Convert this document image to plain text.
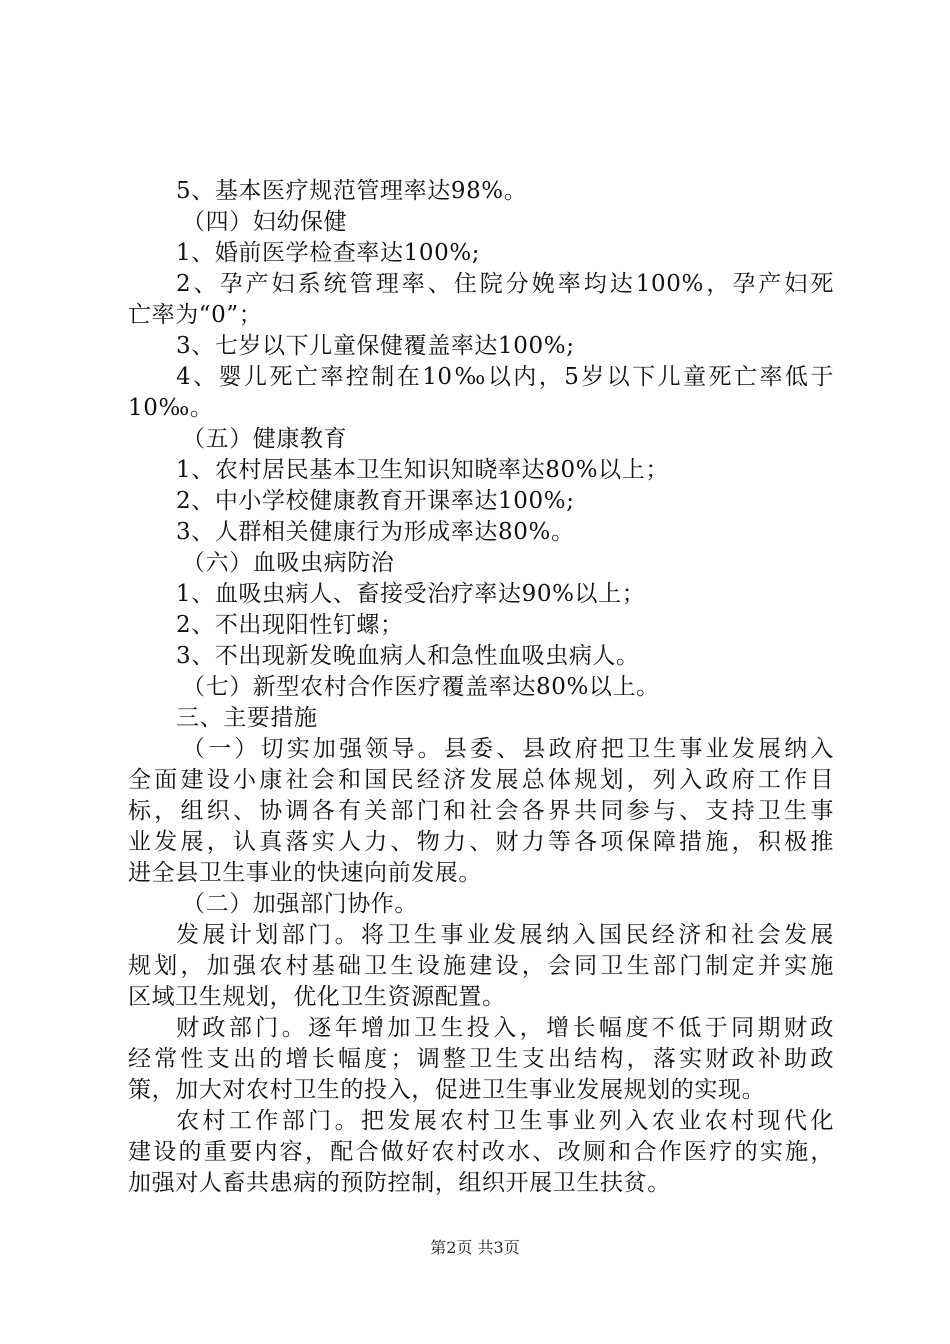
5、基本医疗规范管理率达98%。
（四）妇幼保健
1、婚前医学检查率达100%;
2、孕产妇系统管理率、住院分娩率均达100%，孕产妇死
亡率为“0”；
3、七岁以下儿童保健覆盖率达100%;
4、婴儿死亡率控制在10‰以内，5岁以下儿童死亡率低于
10‰。
（五）健康教育
1、农村居民基本卫生知识知晓率达80%以上；
2、中小学校健康教育开课率达100%;
3、人群相关健康行为形成率达80%。
（六）血吸虫病防治
1、血吸虫病人、畜接受治疗率达90%以上；
2、不出现阳性钉螺；
3、不出现新发晚血病人和急性血吸虫病人。
（七）新型农村合作医疗覆盖率达80%以上。
三、主要措施
（一）切实加强领导。县委、县政府把卫生事业发展纳入
全面建设小康社会和国民经济发展总体规划，列入政府工作目
标，组织、协调各有关部门和社会各界共同参与、支持卫生事
业发展，认真落实人力、物力、财力等各项保障措施，积极推
进全县卫生事业的快速向前发展。
（二）加强部门协作。
发展计划部门。将卫生事业发展纳入国民经济和社会发展
规划，加强农村基础卫生设施建设，会同卫生部门制定并实施
区域卫生规划，优化卫生资源配置。
财政部门。逐年增加卫生投入，增长幅度不低于同期财政
经常性支出的增长幅度；调整卫生支出结构，落实财政补助政
策，加大对农村卫生的投入，促进卫生事业发展规划的实现。
农村工作部门。把发展农村卫生事业列入农业农村现代化
建设的重要内容，配合做好农村改水、改厕和合作医疗的实施，
加强对人畜共患病的预防控制，组织开展卫生扶贫。
第2页 共3页
